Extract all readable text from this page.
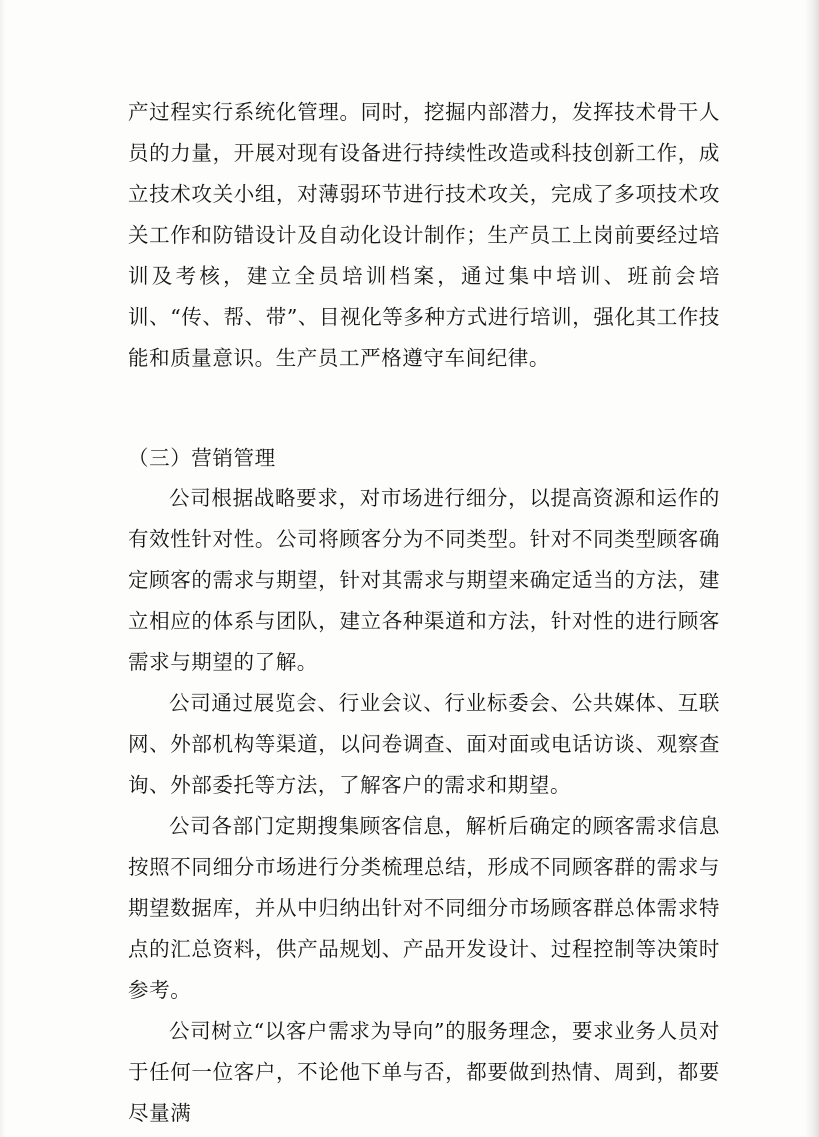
产过程实行系统化管理。同时，挖掘内部潜力，发挥技术骨干人员的力量，开展对现有设备进行持续性改造或科技创新工作，成立技术攻关小组，对薄弱环节进行技术攻关，完成了多项技术攻关工作和防错设计及自动化设计制作；生产员工上岗前要经过培训及考核，建立全员培训档案，通过集中培训、班前会培训、“传、帮、带”、目视化等多种方式进行培训，强化其工作技能和质量意识。生产员工严格遵守车间纪律。

（三）营销管理

公司根据战略要求，对市场进行细分，以提高资源和运作的有效性针对性。公司将顾客分为不同类型。针对不同类型顾客确定顾客的需求与期望，针对其需求与期望来确定适当的方法，建立相应的体系与团队，建立各种渠道和方法，针对性的进行顾客需求与期望的了解。

公司通过展览会、行业会议、行业标委会、公共媒体、互联网、外部机构等渠道，以问卷调查、面对面或电话访谈、观察查询、外部委托等方法，了解客户的需求和期望。

公司各部门定期搜集顾客信息，解析后确定的顾客需求信息按照不同细分市场进行分类梳理总结，形成不同顾客群的需求与期望数据库，并从中归纳出针对不同细分市场顾客群总体需求特点的汇总资料，供产品规划、产品开发设计、过程控制等决策时参考。

公司树立“以客户需求为导向”的服务理念，要求业务人员对于任何一位客户，不论他下单与否，都要做到热情、周到，都要尽量满
